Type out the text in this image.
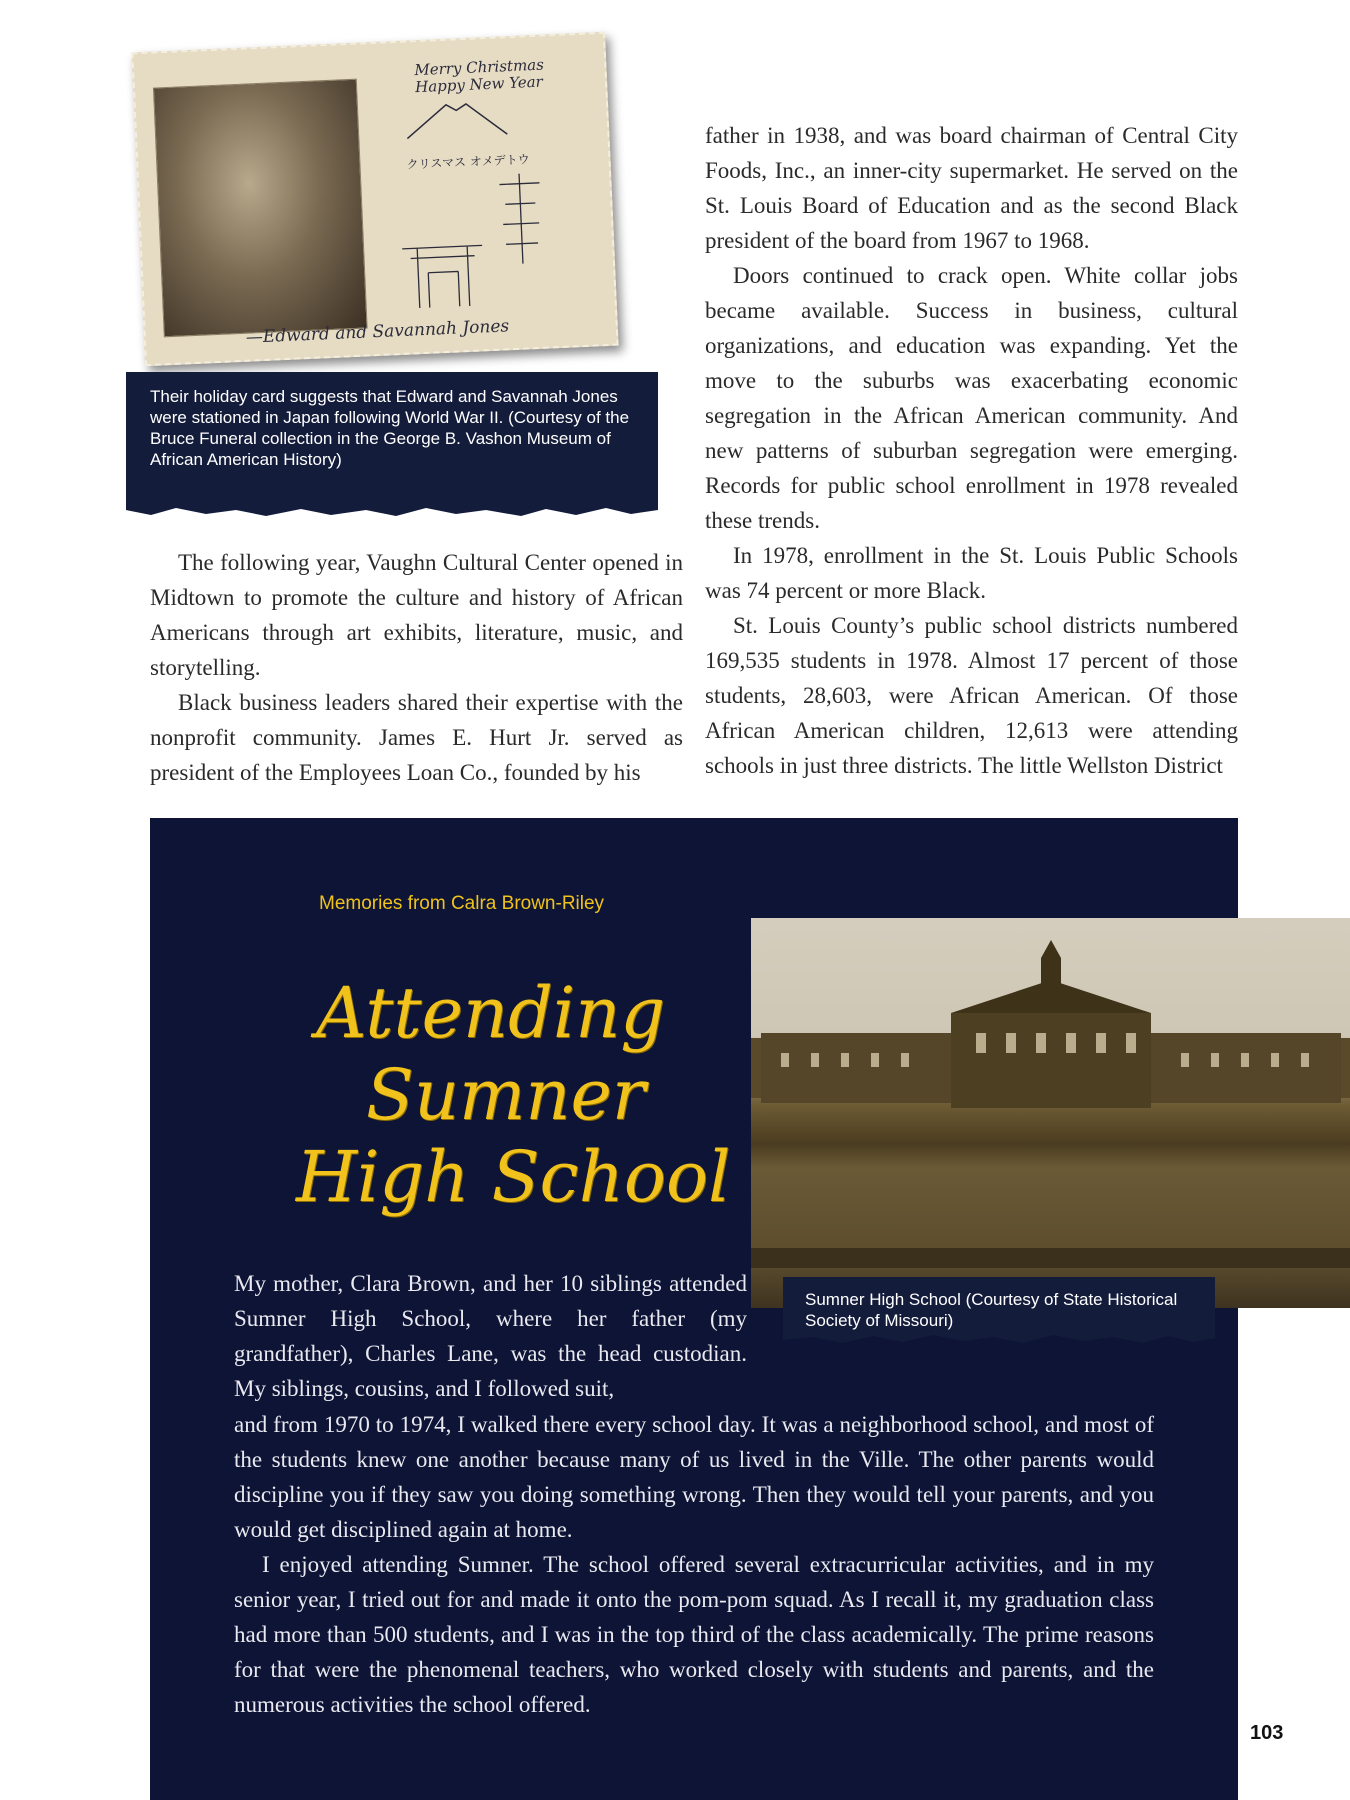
Merry Christmas
Happy New Year
クリスマス オメデトウ
—Edward and Savannah Jones
Their holiday card suggests that Edward and Savannah Jones were stationed in Japan following World War II. (Courtesy of the Bruce Funeral collection in the George B. Vashon Museum of African American History)

father in 1938, and was board chairman of Central City Foods, Inc., an inner-city supermarket. He served on the St. Louis Board of Education and as the second Black president of the board from 1967 to 1968.

Doors continued to crack open. White collar jobs became available. Success in business, cultural organizations, and education was expanding. Yet the move to the suburbs was exacerbating economic segregation in the African American community. And new patterns of suburban segregation were emerging. Records for public school enrollment in 1978 revealed these trends.

In 1978, enrollment in the St. Louis Public Schools was 74 percent or more Black.

St. Louis County’s public school districts numbered 169,535 students in 1978. Almost 17 percent of those students, 28,603, were African American. Of those African American children, 12,613 were attending schools in just three districts. The little Wellston District

The following year, Vaughn Cultural Center opened in Midtown to promote the culture and history of African Americans through art exhibits, literature, music, and storytelling.

Black business leaders shared their expertise with the nonprofit community. James E. Hurt Jr. served as president of the Employees Loan Co., founded by his

Memories from Calra Brown-Riley
Attending
Sumner
High School
Sumner High School (Courtesy of State Historical Society of Missouri)

My mother, Clara Brown, and her 10 siblings attended Sumner High School, where her father (my grandfather), Charles Lane, was the head custodian. My siblings, cousins, and I followed suit,

and from 1970 to 1974, I walked there every school day. It was a neighborhood school, and most of the students knew one another because many of us lived in the Ville. The other parents would discipline you if they saw you doing something wrong. Then they would tell your parents, and you would get disciplined again at home.

I enjoyed attending Sumner. The school offered several extracurricular activities, and in my senior year, I tried out for and made it onto the pom-pom squad. As I recall it, my graduation class had more than 500 students, and I was in the top third of the class academically. The prime reasons for that were the phenomenal teachers, who worked closely with students and parents, and the numerous activities the school offered.

103
